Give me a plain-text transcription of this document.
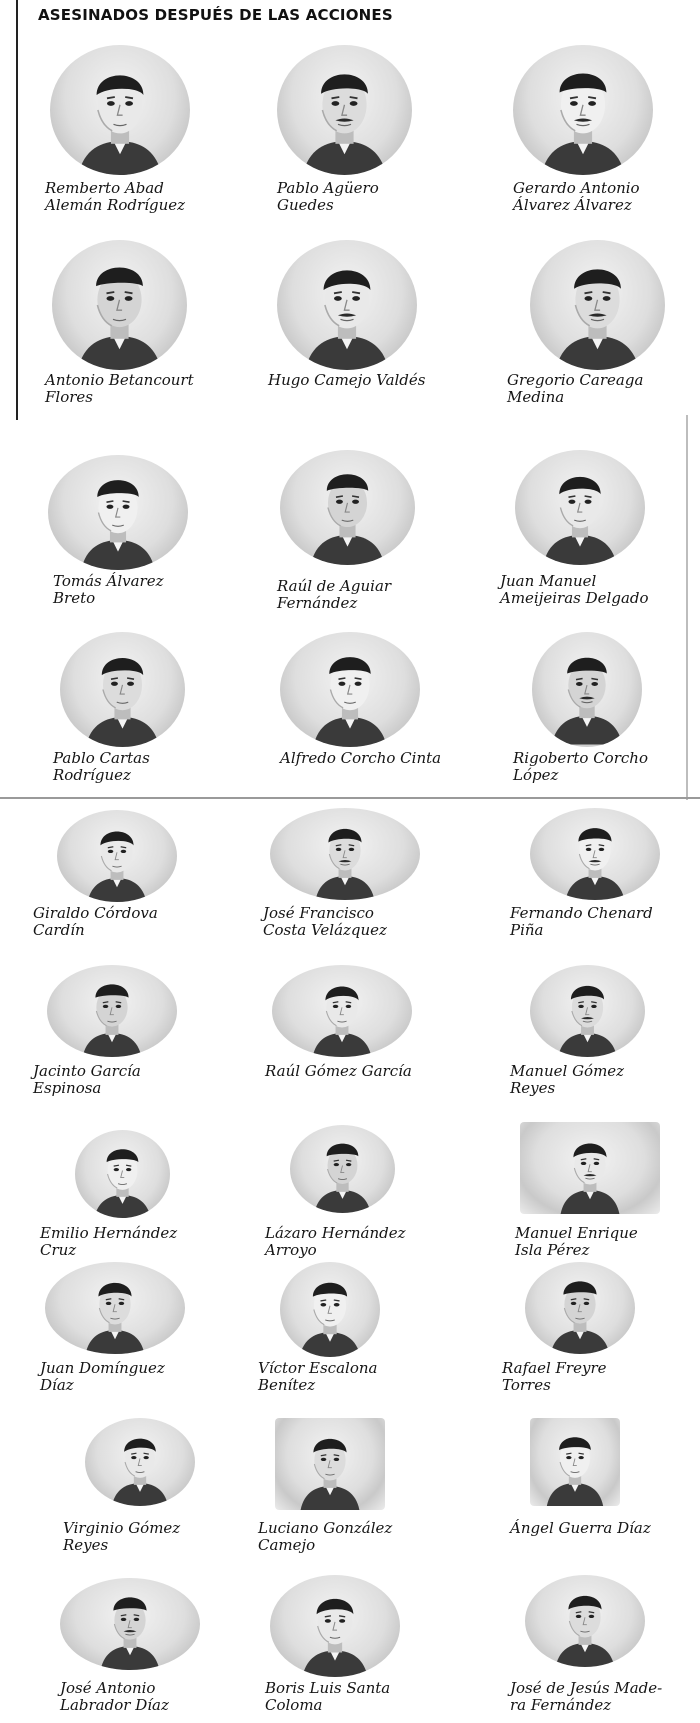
ASESINADOS DESPUÉS DE LAS ACCIONES
Remberto Abad
Alemán Rodríguez
Pablo Agüero
Guedes
Gerardo Antonio
Álvarez Álvarez
Antonio Betancourt
Flores
Hugo Camejo Valdés	Gregorio Careaga
Medina
Tomás Álvarez
Breto
Raúl de Aguiar
Fernández
Juan Manuel
Ameijeiras Delgado
Pablo Cartas
Rodríguez
Alfredo Corcho Cinta	Rigoberto Corcho
López
Giraldo Córdova
Cardín
José Francisco
Costa Velázquez
Fernando Chenard
Piña
Jacinto García
Espinosa
Raúl Gómez García	Manuel Gómez
Reyes
Emilio Hernández
Cruz
Lázaro Hernández
Arroyo
Manuel Enrique
Isla Pérez
Juan Domínguez
Díaz
Víctor Escalona
Benítez
Rafael Freyre
Torres
Virginio Gómez
Reyes
Luciano González
Camejo
Ángel Guerra Díaz
José Antonio
Labrador Díaz
Boris Luis Santa
Coloma
José de Jesús Made-
ra Fernández
